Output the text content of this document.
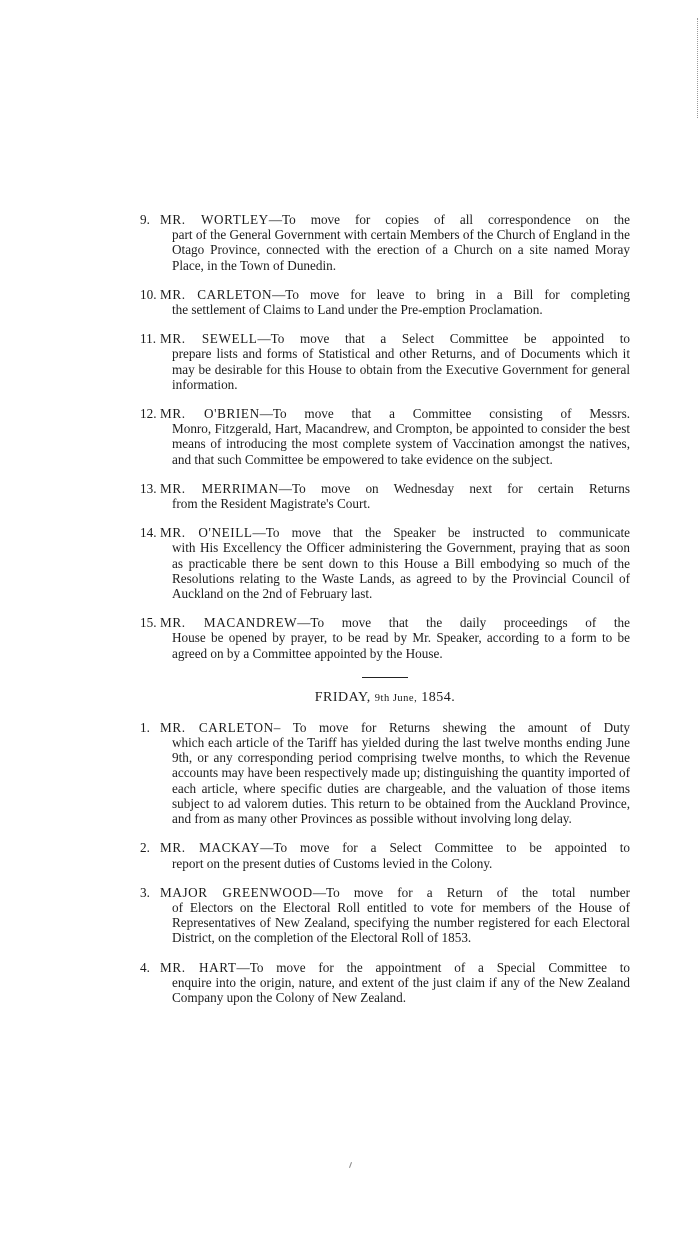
9. MR. WORTLEY—To move for copies of all correspondence on the
part of the General Government with certain Members of the Church of England in the Otago Province, connected with the erection of a Church on a site named Moray Place, in the Town of Dunedin.
10. MR. CARLETON—To move for leave to bring in a Bill for completing
the settlement of Claims to Land under the Pre-emption Proclamation.
11. MR. SEWELL—To move that a Select Committee be appointed to
prepare lists and forms of Statistical and other Returns, and of Documents which it may be desirable for this House to obtain from the Executive Government for general information.
12. MR. O'BRIEN—To move that a Committee consisting of Messrs.
Monro, Fitzgerald, Hart, Macandrew, and Crompton, be appointed to consider the best means of introducing the most complete system of Vaccination amongst the natives, and that such Committee be empowered to take evidence on the subject.
13. MR. MERRIMAN—To move on Wednesday next for certain Returns
from the Resident Magistrate's Court.
14. MR. O'NEILL—To move that the Speaker be instructed to communicate
with His Excellency the Officer administering the Government, praying that as soon as practicable there be sent down to this House a Bill embodying so much of the Resolutions relating to the Waste Lands, as agreed to by the Provincial Council of Auckland on the 2nd of February last.
15. MR. MACANDREW—To move that the daily proceedings of the
House be opened by prayer, to be read by Mr. Speaker, according to a form to be agreed on by a Committee appointed by the House.
FRIDAY, 9th June, 1854.
1. MR. CARLETON– To move for Returns shewing the amount of Duty
which each article of the Tariff has yielded during the last twelve months ending June 9th, or any corresponding period comprising twelve months, to which the Revenue accounts may have been respectively made up; distinguishing the quantity imported of each article, where specific duties are chargeable, and the valuation of those items subject to ad valorem duties. This return to be obtained from the Auckland Province, and from as many other Provinces as possible without involving long delay.
2. MR. MACKAY—To move for a Select Committee to be appointed to
report on the present duties of Customs levied in the Colony.
3. MAJOR GREENWOOD—To move for a Return of the total number
of Electors on the Electoral Roll entitled to vote for members of the House of Representatives of New Zealand, specifying the number registered for each Electoral District, on the completion of the Electoral Roll of 1853.
4. MR. HART—To move for the appointment of a Special Committee to
enquire into the origin, nature, and extent of the just claim if any of the New Zealand Company upon the Colony of New Zealand.
